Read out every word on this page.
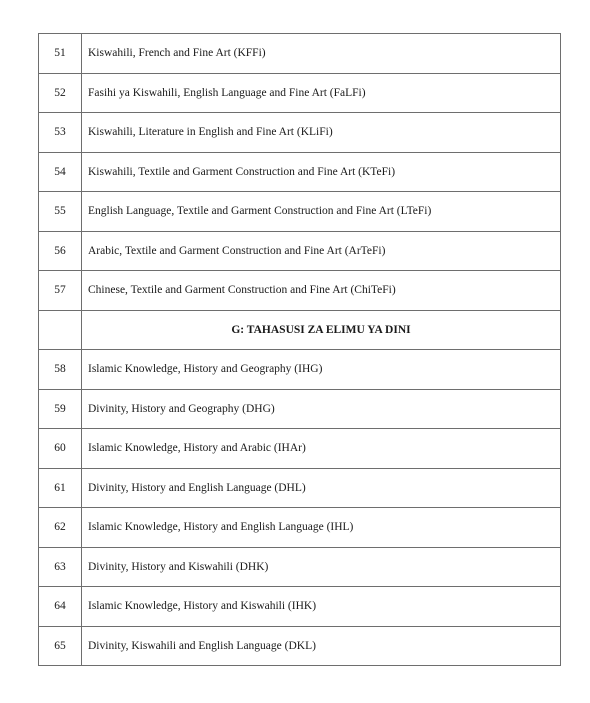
51	Kiswahili, French and Fine Art (KFFi)
52	Fasihi ya Kiswahili, English Language and Fine Art (FaLFi)
53	Kiswahili, Literature in English and Fine Art (KLiFi)
54	Kiswahili, Textile and Garment Construction and Fine Art (KTeFi)
55	English Language, Textile and Garment Construction and Fine Art (LTeFi)
56	Arabic, Textile and Garment Construction and Fine Art (ArTeFi)
57	Chinese, Textile and Garment Construction and Fine Art (ChiTeFi)
	G: TAHASUSI ZA ELIMU YA DINI
58	Islamic Knowledge, History and Geography (IHG)
59	Divinity, History and Geography (DHG)
60	Islamic Knowledge, History and Arabic (IHAr)
61	Divinity, History and English Language (DHL)
62	Islamic Knowledge, History and English Language (IHL)
63	Divinity, History and Kiswahili (DHK)
64	Islamic Knowledge, History and Kiswahili (IHK)
65	Divinity, Kiswahili and English Language (DKL)
